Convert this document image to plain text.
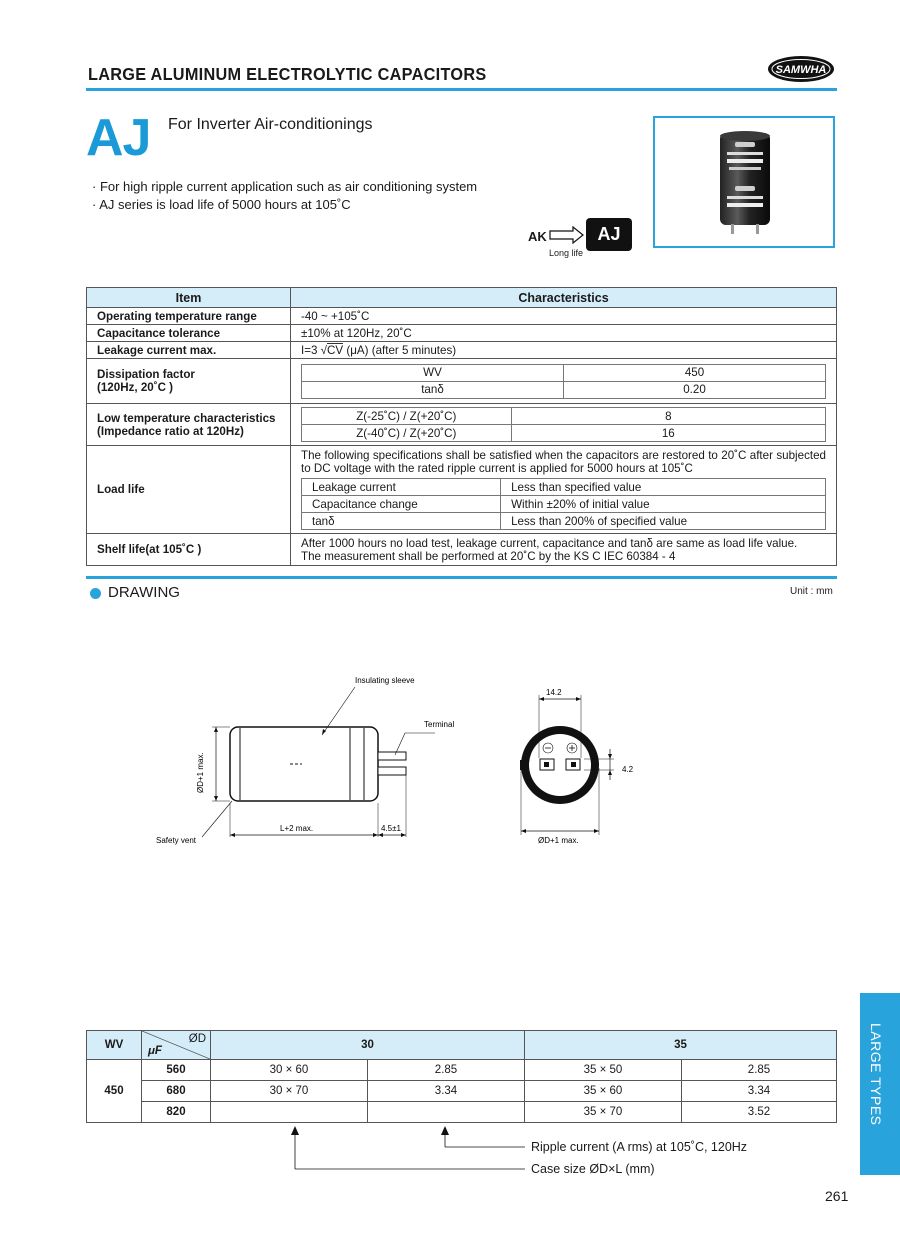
LARGE ALUMINUM ELECTROLYTIC CAPACITORS	SAMWHA
AJ For Inverter Air-conditionings
· For high ripple current application such as air conditioning system
· AJ series is load life of 5000 hours at 105˚C
AK	AJ
Long life
Item	Characteristics
Operating temperature range	-40 ~ +105˚C
Capacitance tolerance	±10% at 120Hz, 20˚C
Leakage current max.	I=3 √CV (μA) (after 5 minutes)

Dissipation factor
(120Hz, 20˚C )

WV	450
tanδ	0.20

Low temperature characteristics
(Impedance ratio at 120Hz)

Z(-25˚C) / Z(+20˚C)	8
Z(-40˚C) / Z(+20˚C)	16

Load life	
The following specifications shall be satisfied when the capacitors are restored to 20˚C after subjected to DC voltage with the rated ripple current is applied for 5000 hours at 105˚C
Leakage current	Less than specified value
Capacitance change	Within ±20% of initial value
tanδ	Less than 200% of specified value

Shelf life(at 105˚C )	After 1000 hours no load test, leakage current, capacitance and tanδ are same as load life value.
The measurement shall be performed at 20˚C by the KS C IEC 60384 - 4
DRAWING	Unit : mm
ØD+1 max.
L+2 max.	4.5±1
Insulating sleeve
Terminal
Safety vent
14.2
4.2
ØD+1 max.
WV	ØD
μF	30		35	
450	560	30 × 60	2.85	35 × 50	2.85
	680	30 × 70	3.34	35 × 60	3.34
	820			35 × 70	3.52
Ripple current (A rms) at 105˚C, 120Hz
Case size ØD×L (mm)
LARGE TYPES
261
